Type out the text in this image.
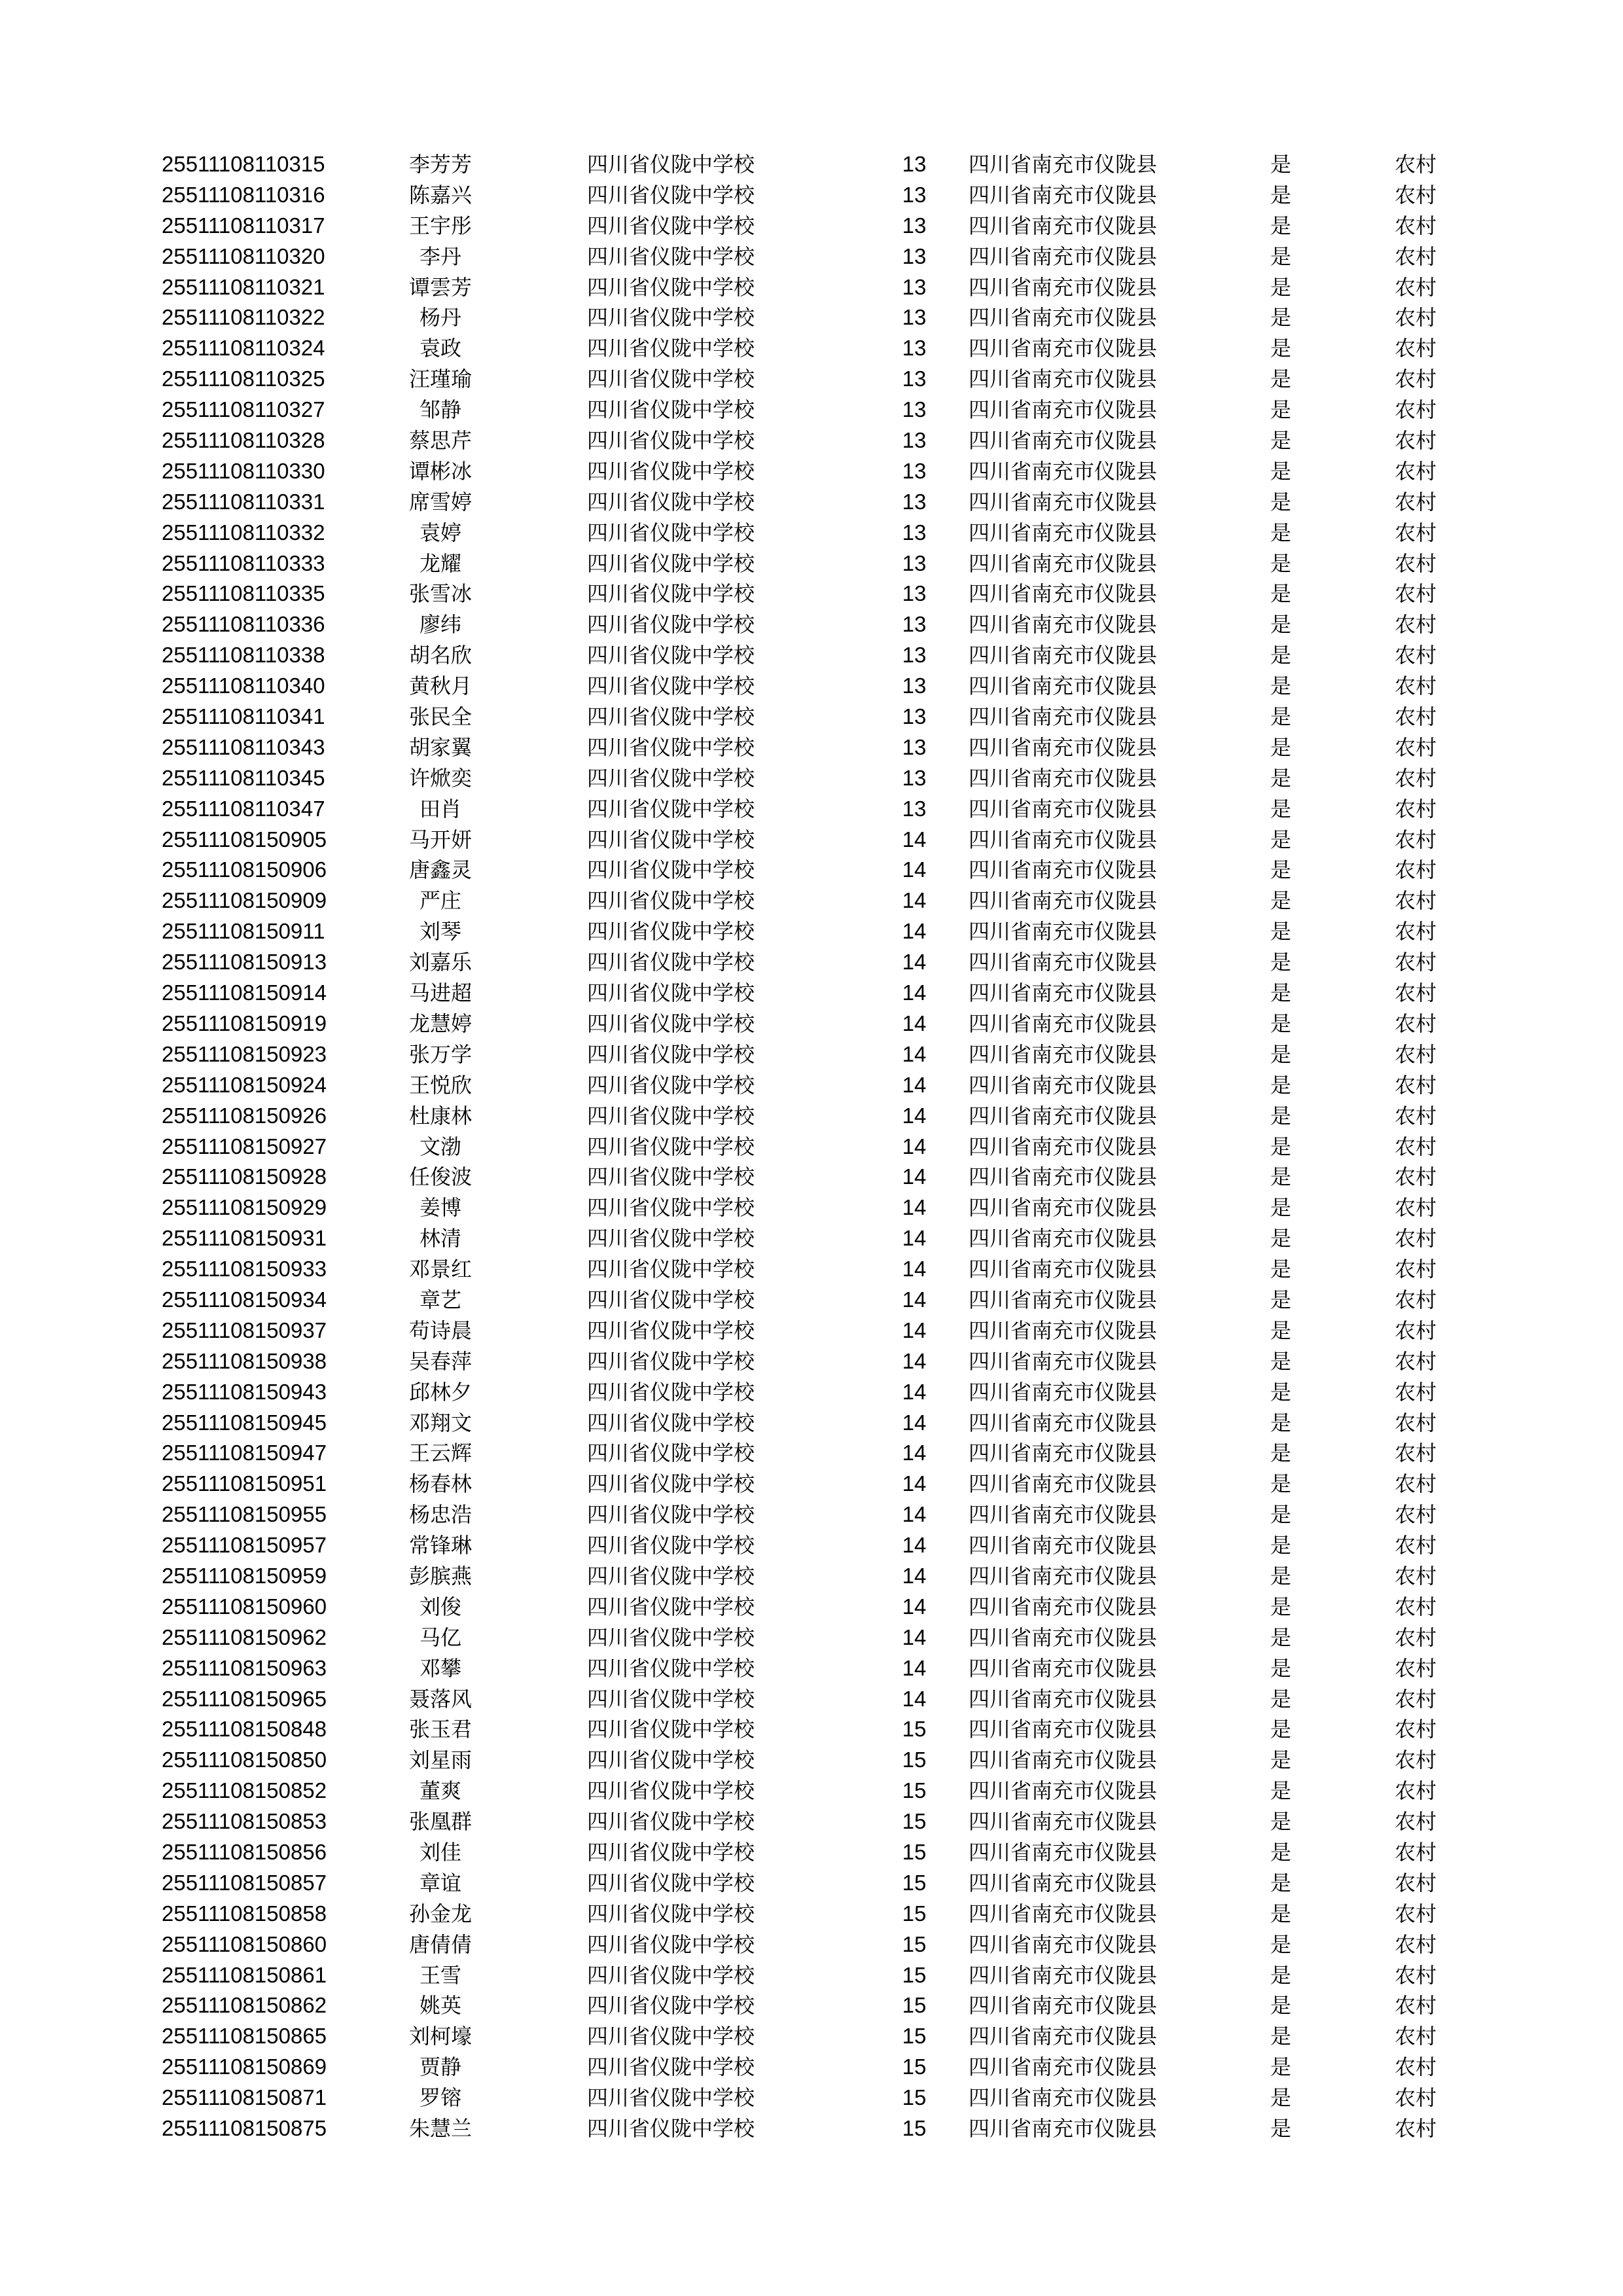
25511108110315	李芳芳	四川省仪陇中学校	13 四川省南充市仪陇县	是	农村
25511108110316	陈嘉兴	四川省仪陇中学校	13 四川省南充市仪陇县	是	农村
25511108110317	王宇彤	四川省仪陇中学校	13 四川省南充市仪陇县	是	农村
25511108110320	李丹	四川省仪陇中学校	13 四川省南充市仪陇县	是	农村
25511108110321	谭雲芳	四川省仪陇中学校	13 四川省南充市仪陇县	是	农村
25511108110322	杨丹	四川省仪陇中学校	13 四川省南充市仪陇县	是	农村
25511108110324	袁政	四川省仪陇中学校	13 四川省南充市仪陇县	是	农村
25511108110325	汪瑾瑜	四川省仪陇中学校	13 四川省南充市仪陇县	是	农村
25511108110327	邹静	四川省仪陇中学校	13 四川省南充市仪陇县	是	农村
25511108110328	蔡思芹	四川省仪陇中学校	13 四川省南充市仪陇县	是	农村
25511108110330	谭彬冰	四川省仪陇中学校	13 四川省南充市仪陇县	是	农村
25511108110331	席雪婷	四川省仪陇中学校	13 四川省南充市仪陇县	是	农村
25511108110332	袁婷	四川省仪陇中学校	13 四川省南充市仪陇县	是	农村
25511108110333	龙耀	四川省仪陇中学校	13 四川省南充市仪陇县	是	农村
25511108110335	张雪冰	四川省仪陇中学校	13 四川省南充市仪陇县	是	农村
25511108110336	廖纬	四川省仪陇中学校	13 四川省南充市仪陇县	是	农村
25511108110338	胡名欣	四川省仪陇中学校	13 四川省南充市仪陇县	是	农村
25511108110340	黄秋月	四川省仪陇中学校	13 四川省南充市仪陇县	是	农村
25511108110341	张民全	四川省仪陇中学校	13 四川省南充市仪陇县	是	农村
25511108110343	胡家翼	四川省仪陇中学校	13 四川省南充市仪陇县	是	农村
25511108110345	许焮奕	四川省仪陇中学校	13 四川省南充市仪陇县	是	农村
25511108110347	田肖	四川省仪陇中学校	13 四川省南充市仪陇县	是	农村
25511108150905	马开妍	四川省仪陇中学校	14 四川省南充市仪陇县	是	农村
25511108150906	唐鑫灵	四川省仪陇中学校	14 四川省南充市仪陇县	是	农村
25511108150909	严庄	四川省仪陇中学校	14 四川省南充市仪陇县	是	农村
25511108150911	刘琴	四川省仪陇中学校	14 四川省南充市仪陇县	是	农村
25511108150913	刘嘉乐	四川省仪陇中学校	14 四川省南充市仪陇县	是	农村
25511108150914	马进超	四川省仪陇中学校	14 四川省南充市仪陇县	是	农村
25511108150919	龙慧婷	四川省仪陇中学校	14 四川省南充市仪陇县	是	农村
25511108150923	张万学	四川省仪陇中学校	14 四川省南充市仪陇县	是	农村
25511108150924	王悦欣	四川省仪陇中学校	14 四川省南充市仪陇县	是	农村
25511108150926	杜康林	四川省仪陇中学校	14 四川省南充市仪陇县	是	农村
25511108150927	文渤	四川省仪陇中学校	14 四川省南充市仪陇县	是	农村
25511108150928	任俊波	四川省仪陇中学校	14 四川省南充市仪陇县	是	农村
25511108150929	姜博	四川省仪陇中学校	14 四川省南充市仪陇县	是	农村
25511108150931	林清	四川省仪陇中学校	14 四川省南充市仪陇县	是	农村
25511108150933	邓景红	四川省仪陇中学校	14 四川省南充市仪陇县	是	农村
25511108150934	章艺	四川省仪陇中学校	14 四川省南充市仪陇县	是	农村
25511108150937	苟诗晨	四川省仪陇中学校	14 四川省南充市仪陇县	是	农村
25511108150938	吴春萍	四川省仪陇中学校	14 四川省南充市仪陇县	是	农村
25511108150943	邱林夕	四川省仪陇中学校	14 四川省南充市仪陇县	是	农村
25511108150945	邓翔文	四川省仪陇中学校	14 四川省南充市仪陇县	是	农村
25511108150947	王云辉	四川省仪陇中学校	14 四川省南充市仪陇县	是	农村
25511108150951	杨春林	四川省仪陇中学校	14 四川省南充市仪陇县	是	农村
25511108150955	杨忠浩	四川省仪陇中学校	14 四川省南充市仪陇县	是	农村
25511108150957	常锋琳	四川省仪陇中学校	14 四川省南充市仪陇县	是	农村
25511108150959	彭膑燕	四川省仪陇中学校	14 四川省南充市仪陇县	是	农村
25511108150960	刘俊	四川省仪陇中学校	14 四川省南充市仪陇县	是	农村
25511108150962	马亿	四川省仪陇中学校	14 四川省南充市仪陇县	是	农村
25511108150963	邓攀	四川省仪陇中学校	14 四川省南充市仪陇县	是	农村
25511108150965	聂落风	四川省仪陇中学校	14 四川省南充市仪陇县	是	农村
25511108150848	张玉君	四川省仪陇中学校	15 四川省南充市仪陇县	是	农村
25511108150850	刘星雨	四川省仪陇中学校	15 四川省南充市仪陇县	是	农村
25511108150852	董爽	四川省仪陇中学校	15 四川省南充市仪陇县	是	农村
25511108150853	张凰群	四川省仪陇中学校	15 四川省南充市仪陇县	是	农村
25511108150856	刘佳	四川省仪陇中学校	15 四川省南充市仪陇县	是	农村
25511108150857	章谊	四川省仪陇中学校	15 四川省南充市仪陇县	是	农村
25511108150858	孙金龙	四川省仪陇中学校	15 四川省南充市仪陇县	是	农村
25511108150860	唐倩倩	四川省仪陇中学校	15 四川省南充市仪陇县	是	农村
25511108150861	王雪	四川省仪陇中学校	15 四川省南充市仪陇县	是	农村
25511108150862	姚英	四川省仪陇中学校	15 四川省南充市仪陇县	是	农村
25511108150865	刘柯壕	四川省仪陇中学校	15 四川省南充市仪陇县	是	农村
25511108150869	贾静	四川省仪陇中学校	15 四川省南充市仪陇县	是	农村
25511108150871	罗镕	四川省仪陇中学校	15 四川省南充市仪陇县	是	农村
25511108150875	朱慧兰	四川省仪陇中学校	15 四川省南充市仪陇县	是	农村
